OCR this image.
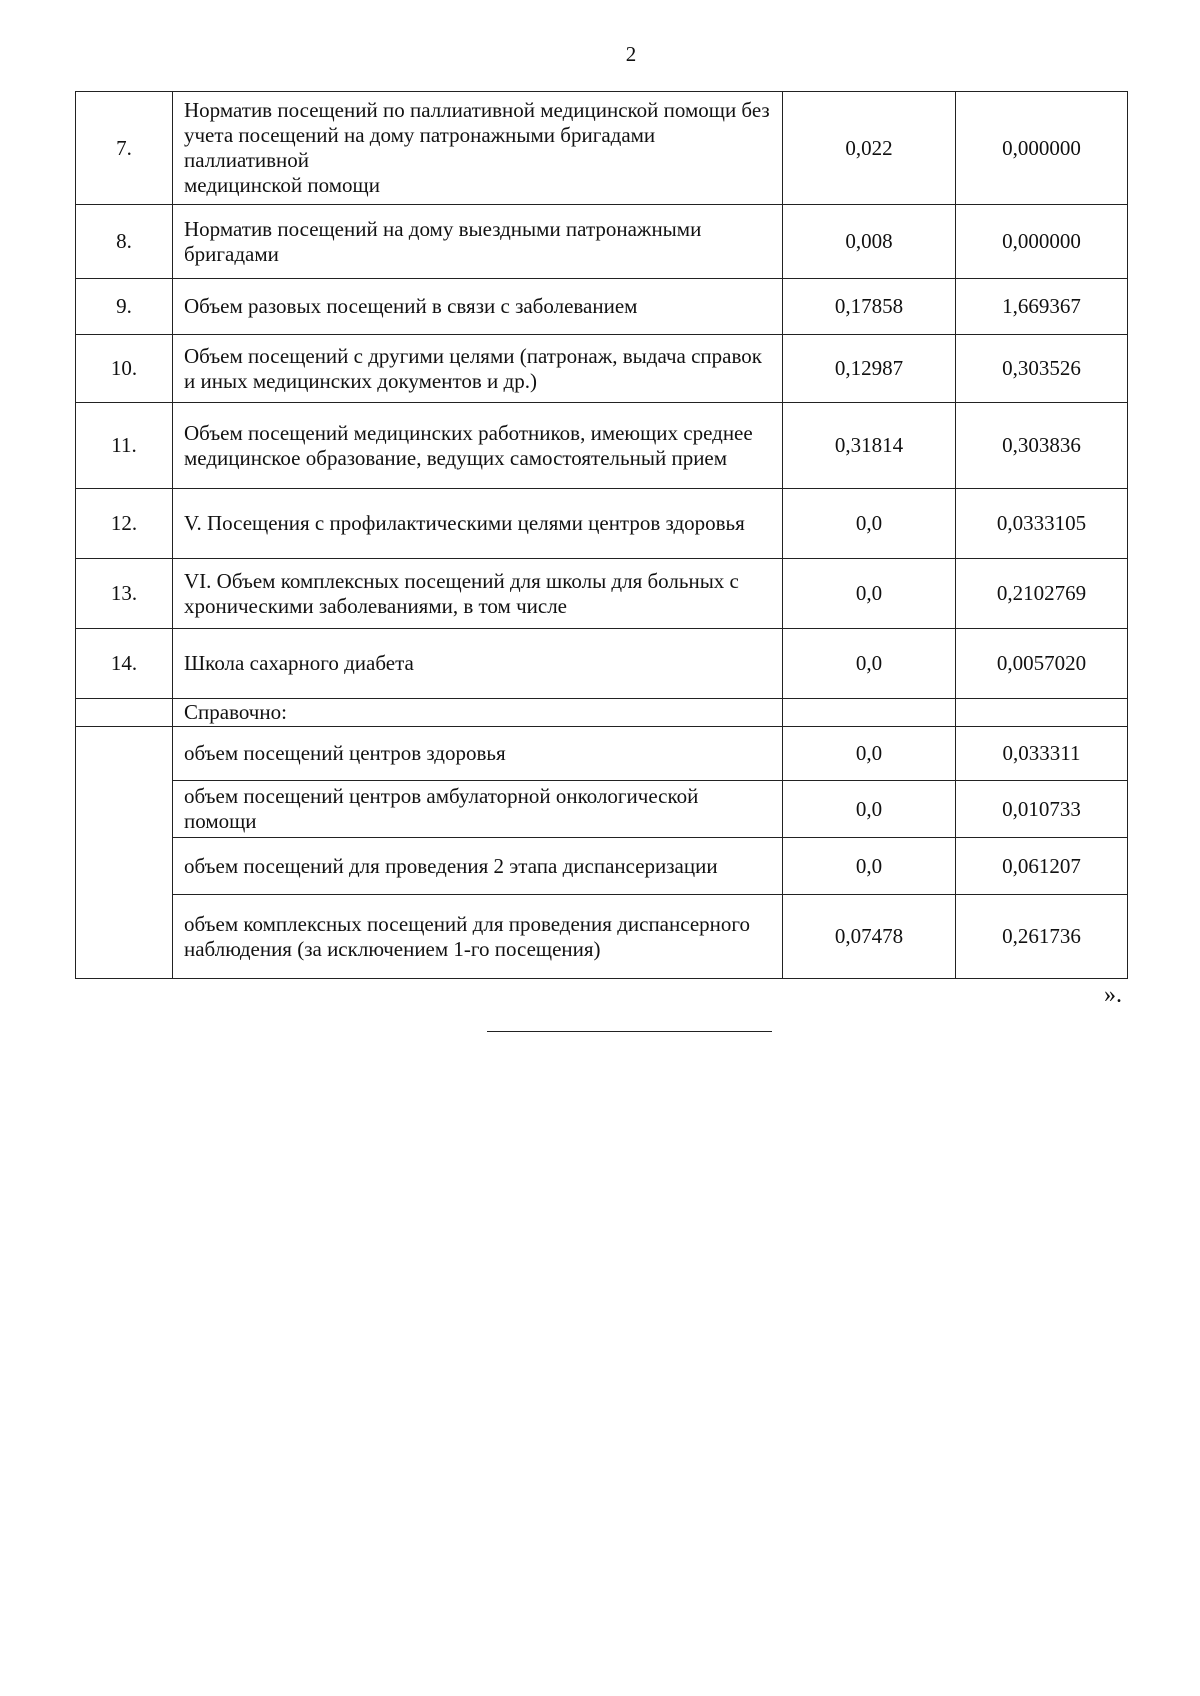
2
7.	Норматив посещений по паллиативной медицинской помощи без учета посещений на дому патронажными бригадами паллиативной
медицинской помощи	0,022	0,000000
8.	Норматив посещений на дому выездными патронажными бригадами	0,008	0,000000
9.	Объем разовых посещений в связи с заболеванием	0,17858	1,669367
10.	Объем посещений с другими целями (патронаж, выдача справок и иных медицинских документов и др.)	0,12987	0,303526
11.	Объем посещений медицинских работников, имеющих среднее медицинское образование, ведущих самостоятельный прием	0,31814	0,303836
12.	V. Посещения с профилактическими целями центров здоровья	0,0	0,0333105
13.	VI. Объем комплексных посещений для школы для больных с хроническими заболеваниями, в том числе	0,0	0,2102769
14.	Школа сахарного диабета	0,0	0,0057020
	Справочно:		
	объем посещений центров здоровья	0,0	0,033311
	объем посещений центров амбулаторной онкологической помощи	0,0	0,010733
	объем посещений для проведения 2 этапа диспансеризации	0,0	0,061207
	объем комплексных посещений для проведения диспансерного наблюдения (за исключением 1-го посещения)	0,07478	0,261736
».
